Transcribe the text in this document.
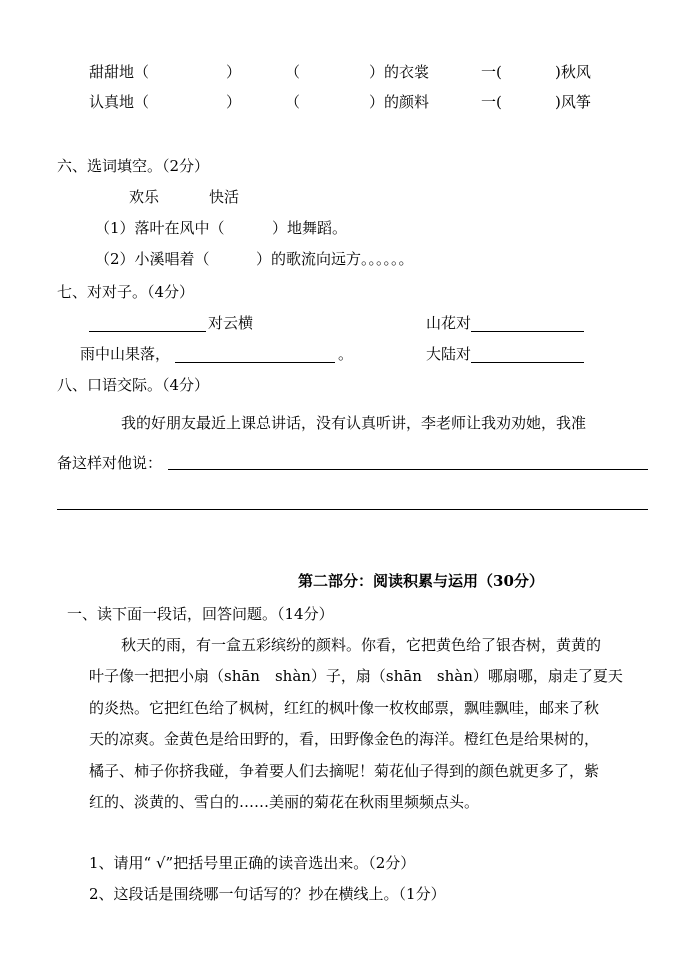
甜甜地（	）	（	）的衣裳	一(	)秋风
认真地（	）	（	）的颜料	一(	)风筝
六、选词填空。（2分）
欢乐	快活
（1）落叶在风中（	）地舞蹈。
（2）小溪唱着（	）的歌流向远方。。。。。。
七、对对子。（4分）
对云横	山花对
雨中山果落，	。	大陆对
八、口语交际。（4分）
我的好朋友最近上课总讲话，没有认真听讲，李老师让我劝劝她，我准
备这样对他说：
第二部分：阅读积累与运用（30分）
一、读下面一段话，回答问题。（14分）
秋天的雨，有一盒五彩缤纷的颜料。你看，它把黄色给了银杏树，黄黄的
叶子像一把把小扇（shān　shàn）子，扇（shān　shàn）哪扇哪，扇走了夏天
的炎热。它把红色给了枫树，红红的枫叶像一枚枚邮票，飘哇飘哇，邮来了秋
天的凉爽。金黄色是给田野的，看，田野像金色的海洋。橙红色是给果树的，
橘子、柿子你挤我碰，争着要人们去摘呢！菊花仙子得到的颜色就更多了，紫
红的、淡黄的、雪白的……美丽的菊花在秋雨里频频点头。
1、请用“ √”把括号里正确的读音选出来。（2分）
2、这段话是围绕哪一句话写的？抄在横线上。（1分）
